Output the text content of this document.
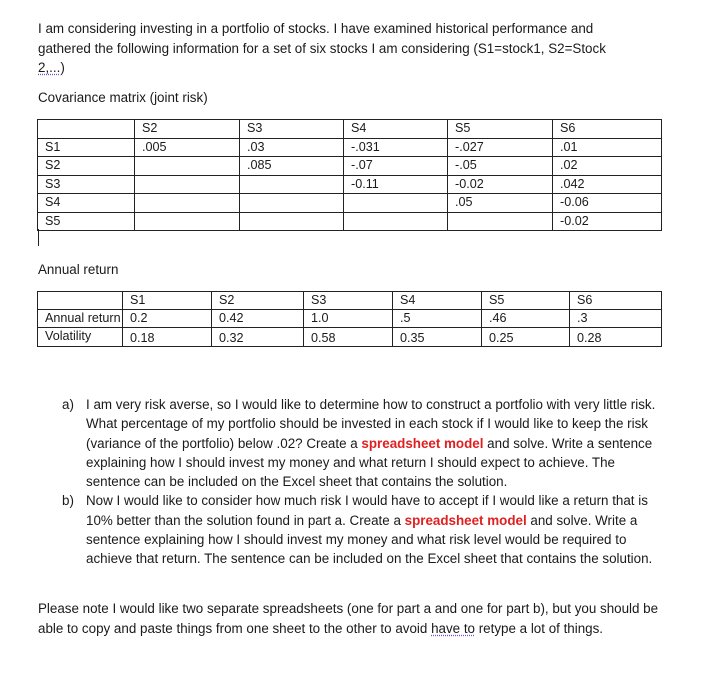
I am considering investing in a portfolio of stocks. I have examined historical performance and

gathered the following information for a set of six stocks I am considering (S1=stock1, S2=Stock

2,...)

Covariance matrix (joint risk)

	S2	S3	S4	S5	S6
S1	.005	.03	-.031	-.027	.01
S2		.085	-.07	-.05	.02
S3			-0.11	-0.02	.042
S4				.05	-0.06
S5					-0.02

Annual return

	S1	S2	S3	S4	S5	S6
Annual return	0.2	0.42	1.0	.5	.46	.3
Volatility	0.18	0.32	0.58	0.35	0.25	0.28
a) I am very risk averse, so I would like to determine how to construct a portfolio with very little risk. What percentage of my portfolio should be invested in each stock if I would like to keep the risk (variance of the portfolio) below .02? Create a spreadsheet model and solve. Write a sentence explaining how I should invest my money and what return I should expect to achieve. The sentence can be included on the Excel sheet that contains the solution.
b) Now I would like to consider how much risk I would have to accept if I would like a return that is 10% better than the solution found in part a. Create a spreadsheet model and solve. Write a sentence explaining how I should invest my money and what risk level would be required to achieve that return. The sentence can be included on the Excel sheet that contains the solution.

Please note I would like two separate spreadsheets (one for part a and one for part b), but you should be able to copy and paste things from one sheet to the other to avoid have to retype a lot of things.
